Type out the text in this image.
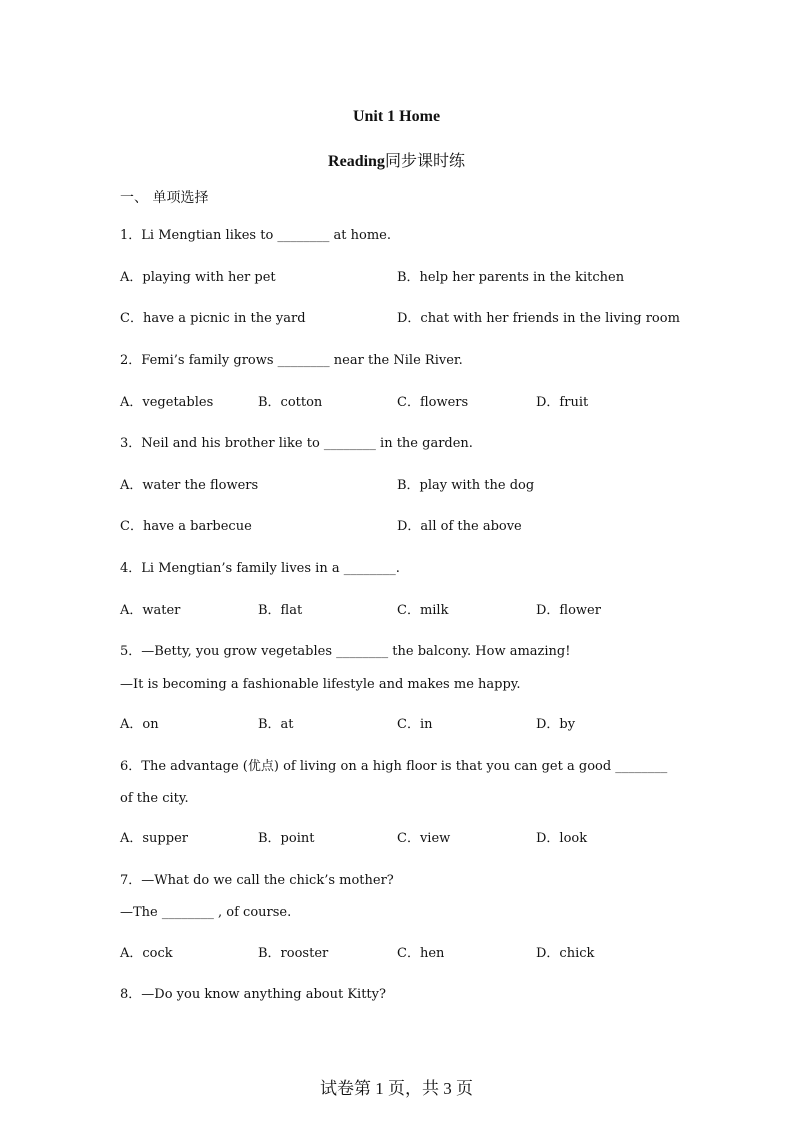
Unit 1 Home
Reading同步课时练
一、 单项选择
1．Li Mengtian likes to ________ at home.
A．playing with her pet	B．help her parents in the kitchen
C．have a picnic in the yard	D．chat with her friends in the living room
2．Femi’s family grows ________ near the Nile River.
A．vegetables	B．cotton	C．flowers	D．fruit
3．Neil and his brother like to ________ in the garden.
A．water the flowers	B．play with the dog
C．have a barbecue	D．all of the above
4．Li Mengtian’s family lives in a ________.
A．water	B．flat	C．milk	D．flower
5．—Betty, you grow vegetables ________ the balcony. How amazing!
—It is becoming a fashionable lifestyle and makes me happy.
A．on	B．at	C．in	D．by
6．The advantage (优点) of living on a high floor is that you can get a good ________
of the city.
A．supper	B．point	C．view	D．look
7．—What do we call the chick’s mother?
—The ________ , of course.
A．cock	B．rooster	C．hen	D．chick
8．—Do you know anything about Kitty?
试卷第 1 页，共 3 页
